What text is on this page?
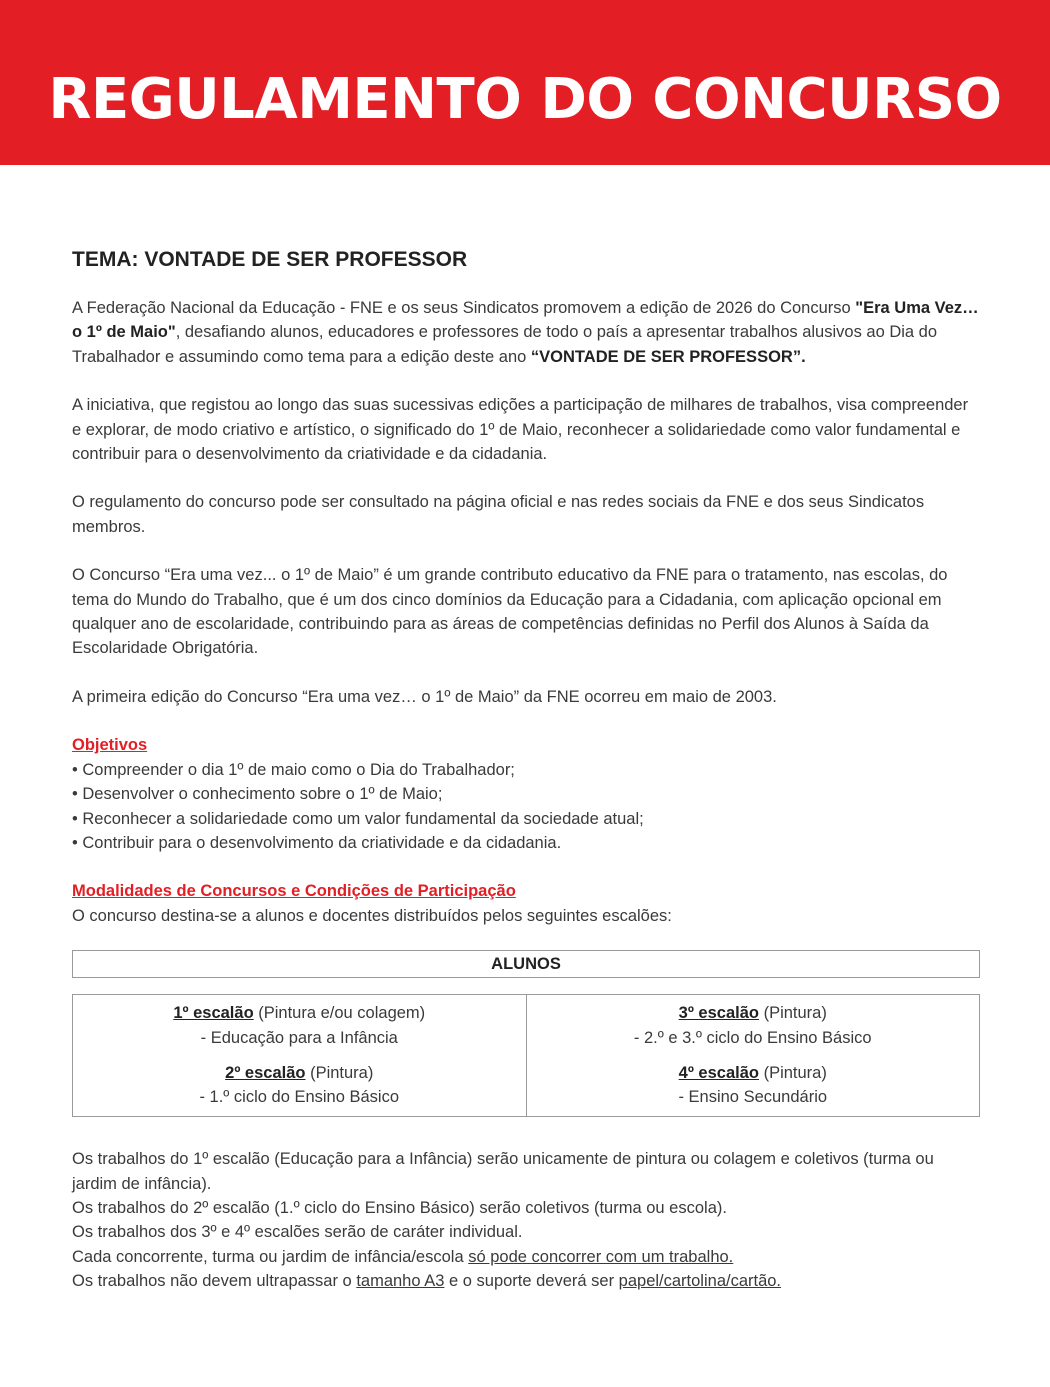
REGULAMENTO DO CONCURSO
TEMA: VONTADE DE SER PROFESSOR

A Federação Nacional da Educação - FNE e os seus Sindicatos promovem a edição de 2026 do Concurso "Era Uma Vez… o 1º de Maio", desafiando alunos, educadores e professores de todo o país a apresentar trabalhos alusivos ao Dia do Trabalhador e assumindo como tema para a edição deste ano “VONTADE DE SER PROFESSOR”.

A iniciativa, que registou ao longo das suas sucessivas edições a participação de milhares de trabalhos, visa compreender e explorar, de modo criativo e artístico, o significado do 1º de Maio, reconhecer a solidariedade como valor fundamental e contribuir para o desenvolvimento da criatividade e da cidadania.

O regulamento do concurso pode ser consultado na página oficial e nas redes sociais da FNE e dos seus Sindicatos membros.

O Concurso “Era uma vez... o 1º de Maio” é um grande contributo educativo da FNE para o tratamento, nas escolas, do tema do Mundo do Trabalho, que é um dos cinco domínios da Educação para a Cidadania, com aplicação opcional em qualquer ano de escolaridade, contribuindo para as áreas de competências definidas no Perfil dos Alunos à Saída da Escolaridade Obrigatória.

A primeira edição do Concurso “Era uma vez… o 1º de Maio” da FNE ocorreu em maio de 2003.

Objetivos
• Compreender o dia 1º de maio como o Dia do Trabalhador;
• Desenvolver o conhecimento sobre o 1º de Maio;
• Reconhecer a solidariedade como um valor fundamental da sociedade atual;
• Contribuir para o desenvolvimento da criatividade e da cidadania.
Modalidades de Concursos e Condições de Participação
O concurso destina-se a alunos e docentes distribuídos pelos seguintes escalões:
ALUNOS
1º escalão (Pintura e/ou colagem)
- Educação para a Infância
2º escalão (Pintura)
- 1.º ciclo do Ensino Básico
3º escalão (Pintura)
- 2.º e 3.º ciclo do Ensino Básico
4º escalão (Pintura)
- Ensino Secundário
Os trabalhos do 1º escalão (Educação para a Infância) serão unicamente de pintura ou colagem e coletivos (turma ou jardim de infância).
Os trabalhos do 2º escalão (1.º ciclo do Ensino Básico) serão coletivos (turma ou escola).
Os trabalhos dos 3º e 4º escalões serão de caráter individual.
Cada concorrente, turma ou jardim de infância/escola só pode concorrer com um trabalho.
Os trabalhos não devem ultrapassar o tamanho A3 e o suporte deverá ser papel/cartolina/cartão.
